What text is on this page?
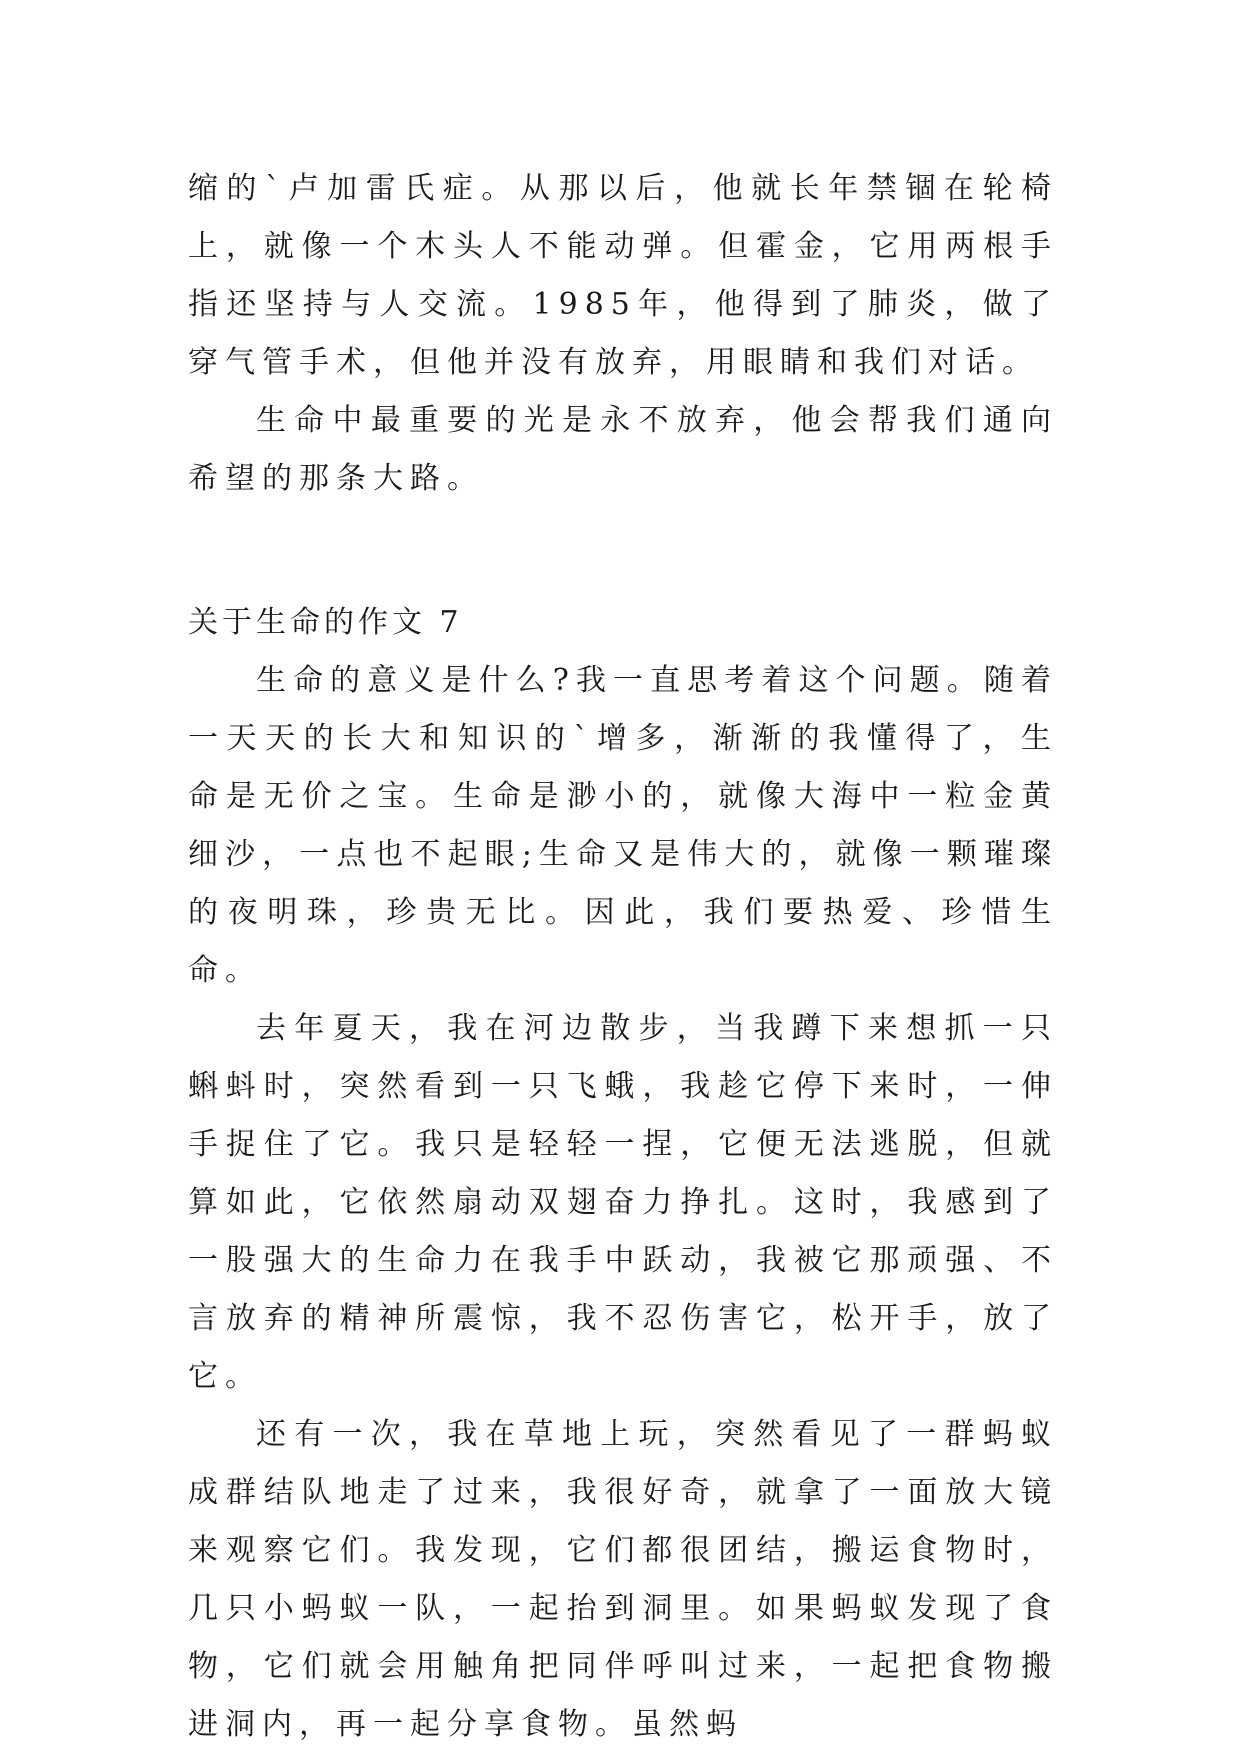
缩的`卢加雷氏症。从那以后，他就长年禁锢在轮椅上，就像一个木头人不能动弹。但霍金，它用两根手指还坚持与人交流。1985年，他得到了肺炎，做了穿气管手术，但他并没有放弃，用眼睛和我们对话。

生命中最重要的光是永不放弃，他会帮我们通向希望的那条大路。

关于生命的作文 7

生命的意义是什么?我一直思考着这个问题。随着一天天的长大和知识的`增多，渐渐的我懂得了，生命是无价之宝。生命是渺小的，就像大海中一粒金黄细沙，一点也不起眼;生命又是伟大的，就像一颗璀璨的夜明珠，珍贵无比。因此，我们要热爱、珍惜生命。

去年夏天，我在河边散步，当我蹲下来想抓一只蝌蚪时，突然看到一只飞蛾，我趁它停下来时，一伸手捉住了它。我只是轻轻一捏，它便无法逃脱，但就算如此，它依然扇动双翅奋力挣扎。这时，我感到了一股强大的生命力在我手中跃动，我被它那顽强、不言放弃的精神所震惊，我不忍伤害它，松开手，放了它。

还有一次，我在草地上玩，突然看见了一群蚂蚁成群结队地走了过来，我很好奇，就拿了一面放大镜来观察它们。我发现，它们都很团结，搬运食物时，几只小蚂蚁一队，一起抬到洞里。如果蚂蚁发现了食物，它们就会用触角把同伴呼叫过来，一起把食物搬进洞内，再一起分享食物。虽然蚂
